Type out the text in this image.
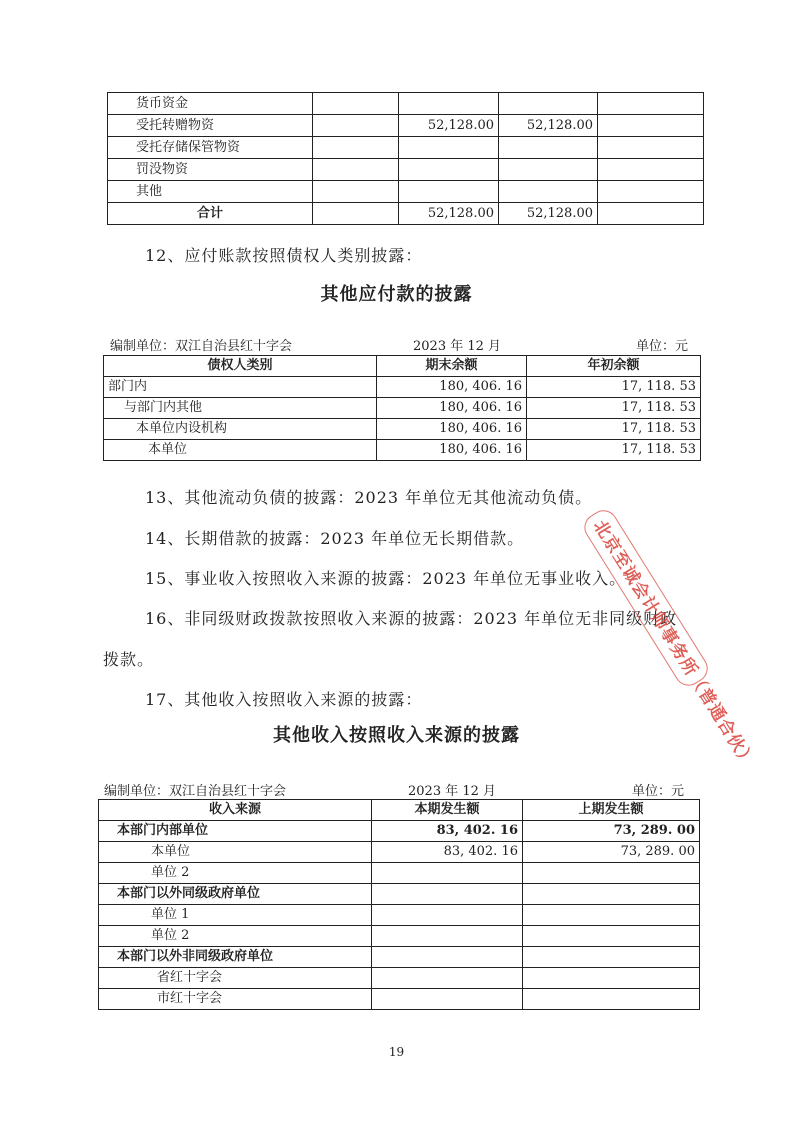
货币资金				
受托转赠物资		52,128.00	52,128.00	
受托存储保管物资				
罚没物资				
其他				
合计		52,128.00	52,128.00	
12、应付账款按照债权人类别披露：
其他应付款的披露
编制单位：双江自治县红十字会	2023 年 12 月	单位：元
债权人类别	期末余额	年初余额
部门内	180, 406. 16	17, 118. 53
与部门内其他	180, 406. 16	17, 118. 53
本单位内设机构	180, 406. 16	17, 118. 53
本单位	180, 406. 16	17, 118. 53
13、其他流动负债的披露：2023 年单位无其他流动负债。
14、长期借款的披露：2023 年单位无长期借款。
15、事业收入按照收入来源的披露：2023 年单位无事业收入。
16、非同级财政拨款按照收入来源的披露：2023 年单位无非同级财政
拨款。
17、其他收入按照收入来源的披露：
其他收入按照收入来源的披露
编制单位：双江自治县红十字会	2023 年 12 月	单位：元
收入来源	本期发生额	上期发生额
本部门内部单位	83, 402. 16	73, 289. 00
本单位	83, 402. 16	73, 289. 00
单位 2		
本部门以外同级政府单位		
单位 1		
单位 2		
本部门以外非同级政府单位		
省红十字会		
市红十字会		
北京至诚会计师事务所（普通合伙）
19
